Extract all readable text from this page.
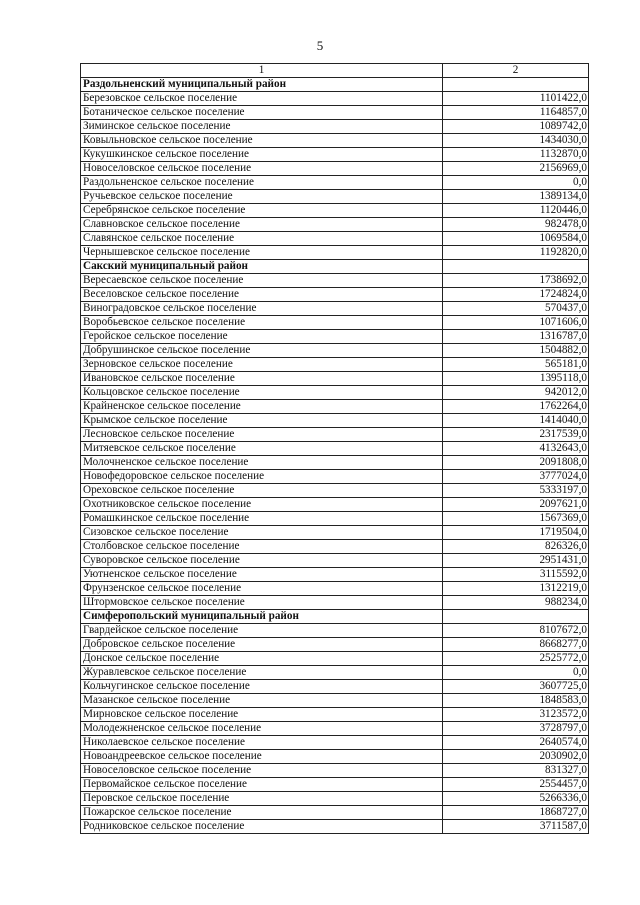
5
1	2
Раздольненский муниципальный район	
Березовское сельское поселение	1101422,0
Ботаническое сельское поселение	1164857,0
Зиминское сельское поселение	1089742,0
Ковыльновское сельское поселение	1434030,0
Кукушкинское сельское поселение	1132870,0
Новоселовское сельское поселение	2156969,0
Раздольненское сельское поселение	0,0
Ручьевское сельское поселение	1389134,0
Серебрянское сельское поселение	1120446,0
Славновское сельское поселение	982478,0
Славянское сельское поселение	1069584,0
Чернышевское сельское поселение	1192820,0
Сакский муниципальный район	
Вересаевское сельское поселение	1738692,0
Веселовское сельское поселение	1724824,0
Виноградовское сельское поселение	570437,0
Воробьевское сельское поселение	1071606,0
Геройское сельское поселение	1316787,0
Добрушинское сельское поселение	1504882,0
Зерновское сельское поселение	565181,0
Ивановское сельское поселение	1395118,0
Кольцовское сельское поселение	942012,0
Крайненское сельское поселение	1762264,0
Крымское сельское поселение	1414040,0
Лесновское сельское поселение	2317539,0
Митяевское сельское поселение	4132643,0
Молочненское сельское поселение	2091808,0
Новофедоровское сельское поселение	3777024,0
Ореховское сельское поселение	5333197,0
Охотниковское сельское поселение	2097621,0
Ромашкинское сельское поселение	1567369,0
Сизовское сельское поселение	1719504,0
Столбовское сельское поселение	826326,0
Суворовское сельское поселение	2951431,0
Уютненское сельское поселение	3115592,0
Фрунзенское сельское поселение	1312219,0
Штормовское сельское поселение	988234,0
Симферопольский муниципальный район	
Гвардейское сельское поселение	8107672,0
Добровское сельское поселение	8668277,0
Донское сельское поселение	2525772,0
Журавлевское сельское поселение	0,0
Кольчугинское сельское поселение	3607725,0
Мазанское сельское поселение	1848583,0
Мирновское сельское поселение	3123572,0
Молодежненское сельское поселение	3728797,0
Николаевское сельское поселение	2640574,0
Новоандреевское сельское поселение	2030902,0
Новоселовское сельское поселение	831327,0
Первомайское сельское поселение	2554457,0
Перовское сельское поселение	5266336,0
Пожарское сельское поселение	1868727,0
Родниковское сельское поселение	3711587,0
